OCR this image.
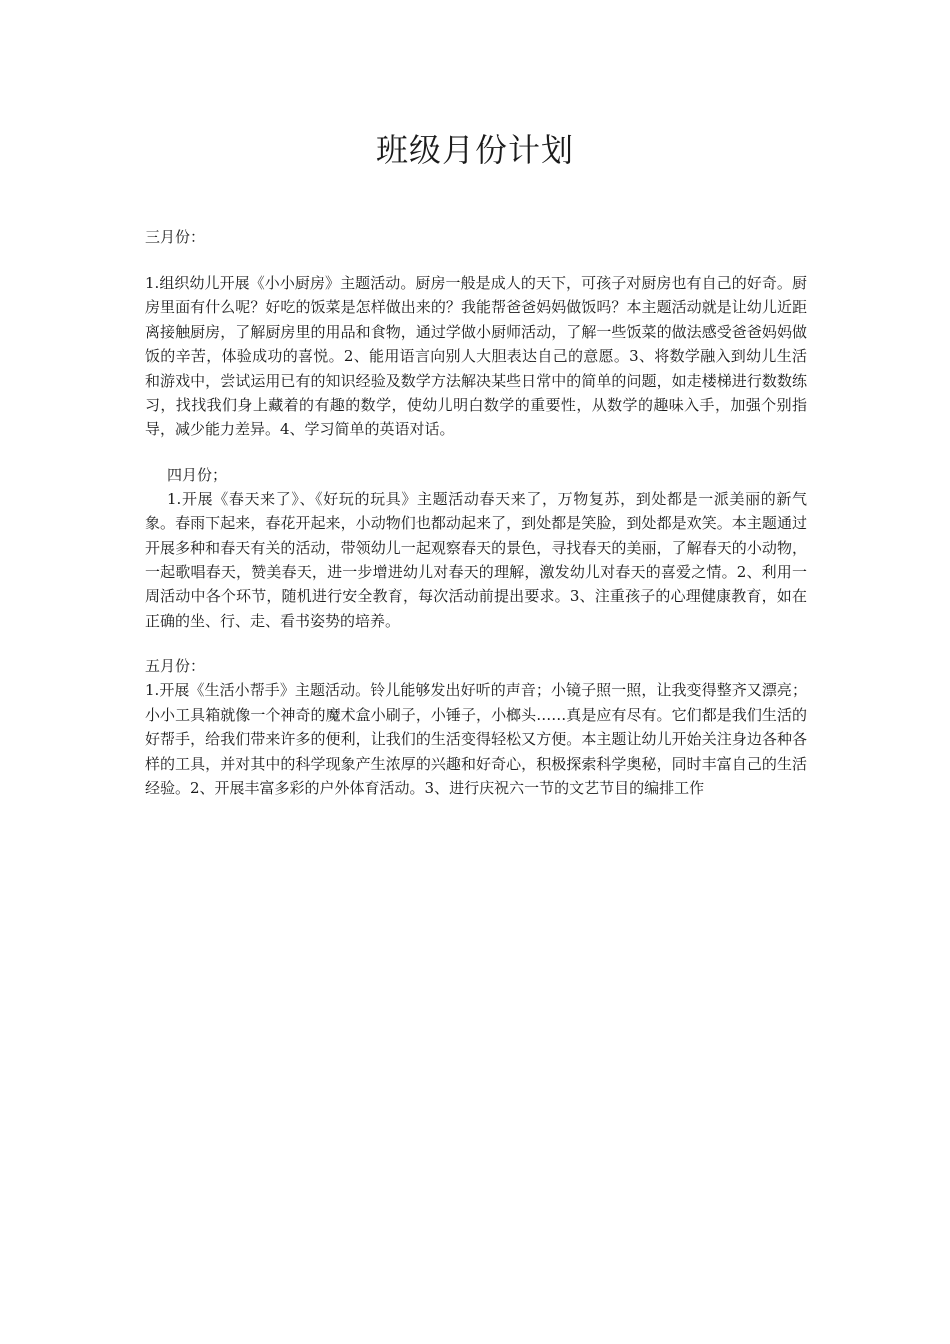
班级月份计划

三月份：

1.组织幼儿开展《小小厨房》主题活动。厨房一般是成人的天下，可孩子对厨房也有自己的好奇。厨房里面有什么呢？好吃的饭菜是怎样做出来的？我能帮爸爸妈妈做饭吗？本主题活动就是让幼儿近距离接触厨房，了解厨房里的用品和食物，通过学做小厨师活动，了解一些饭菜的做法感受爸爸妈妈做饭的辛苦，体验成功的喜悦。2、能用语言向别人大胆表达自己的意愿。3、将数学融入到幼儿生活和游戏中，尝试运用已有的知识经验及数学方法解决某些日常中的简单的问题，如走楼梯进行数数练习，找找我们身上藏着的有趣的数学，使幼儿明白数学的重要性，从数学的趣味入手，加强个别指导，减少能力差异。4、学习简单的英语对话。

四月份；

1.开展《春天来了》、《好玩的玩具》主题活动春天来了，万物复苏，到处都是一派美丽的新气象。春雨下起来，春花开起来，小动物们也都动起来了，到处都是笑脸，到处都是欢笑。本主题通过开展多种和春天有关的活动，带领幼儿一起观察春天的景色，寻找春天的美丽，了解春天的小动物，一起歌唱春天，赞美春天，进一步增进幼儿对春天的理解，激发幼儿对春天的喜爱之情。2、利用一周活动中各个环节，随机进行安全教育，每次活动前提出要求。3、注重孩子的心理健康教育，如在正确的坐、行、走、看书姿势的培养。

五月份：

1.开展《生活小帮手》主题活动。铃儿能够发出好听的声音；小镜子照一照，让我变得整齐又漂亮；小小工具箱就像一个神奇的魔术盒小刷子，小锤子，小榔头……真是应有尽有。它们都是我们生活的好帮手，给我们带来许多的便利，让我们的生活变得轻松又方便。本主题让幼儿开始关注身边各种各样的工具，并对其中的科学现象产生浓厚的兴趣和好奇心，积极探索科学奥秘，同时丰富自己的生活经验。2、开展丰富多彩的户外体育活动。3、进行庆祝六一节的文艺节目的编排工作
